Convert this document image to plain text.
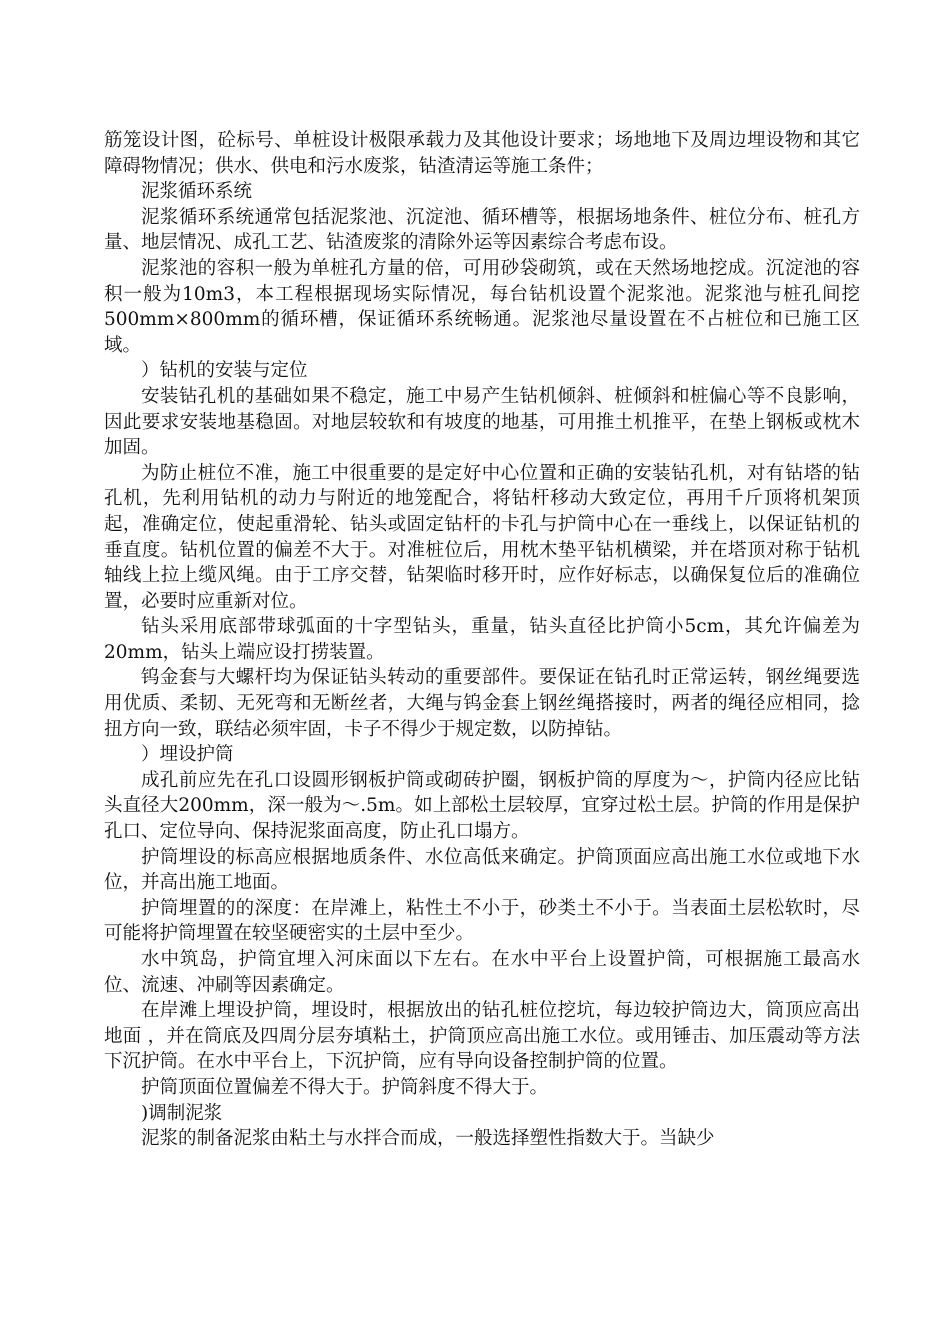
筋笼设计图，砼标号、单桩设计极限承载力及其他设计要求；场地地下及周边埋设物和其它障碍物情况；供水、供电和污水废浆，钻渣清运等施工条件；

泥浆循环系统

泥浆循环系统通常包括泥浆池、沉淀池、循环槽等，根据场地条件、桩位分布、桩孔方量、地层情况、成孔工艺、钻渣废浆的清除外运等因素综合考虑布设。

泥浆池的容积一般为单桩孔方量的倍，可用砂袋砌筑，或在天然场地挖成。沉淀池的容积一般为10m3，本工程根据现场实际情况，每台钻机设置个泥浆池。泥浆池与桩孔间挖500mm×800mm的循环槽，保证循环系统畅通。泥浆池尽量设置在不占桩位和已施工区域。

）钻机的安装与定位

安装钻孔机的基础如果不稳定，施工中易产生钻机倾斜、桩倾斜和桩偏心等不良影响，因此要求安装地基稳固。对地层较软和有坡度的地基，可用推土机推平，在垫上钢板或枕木加固。

为防止桩位不准，施工中很重要的是定好中心位置和正确的安装钻孔机，对有钻塔的钻孔机，先利用钻机的动力与附近的地笼配合，将钻杆移动大致定位，再用千斤顶将机架顶起，准确定位，使起重滑轮、钻头或固定钻杆的卡孔与护筒中心在一垂线上，以保证钻机的垂直度。钻机位置的偏差不大于。对准桩位后，用枕木垫平钻机横梁，并在塔顶对称于钻机轴线上拉上缆风绳。由于工序交替，钻架临时移开时，应作好标志，以确保复位后的准确位置，必要时应重新对位。

钻头采用底部带球弧面的十字型钻头，重量，钻头直径比护筒小5cm，其允许偏差为20mm，钻头上端应设打捞装置。

钨金套与大螺杆均为保证钻头转动的重要部件。要保证在钻孔时正常运转，钢丝绳要选用优质、柔韧、无死弯和无断丝者，大绳与钨金套上钢丝绳搭接时，两者的绳径应相同，捻扭方向一致，联结必须牢固，卡子不得少于规定数，以防掉钻。

）埋设护筒

成孔前应先在孔口设圆形钢板护筒或砌砖护圈，钢板护筒的厚度为～，护筒内径应比钻头直径大200mm，深一般为～.5m。如上部松土层较厚，宜穿过松土层。护筒的作用是保护孔口、定位导向、保持泥浆面高度，防止孔口塌方。

护筒埋设的标高应根据地质条件、水位高低来确定。护筒顶面应高出施工水位或地下水位，并高出施工地面。

护筒埋置的的深度：在岸滩上，粘性土不小于，砂类土不小于。当表面土层松软时，尽可能将护筒埋置在较坚硬密实的土层中至少。

水中筑岛，护筒宜埋入河床面以下左右。在水中平台上设置护筒，可根据施工最高水位、流速、冲刷等因素确定。

在岸滩上埋设护筒，埋设时，根据放出的钻孔桩位挖坑，每边较护筒边大，筒顶应高出地面 ，并在筒底及四周分层夯填粘土，护筒顶应高出施工水位。或用锤击、加压震动等方法下沉护筒。在水中平台上，下沉护筒，应有导向设备控制护筒的位置。

护筒顶面位置偏差不得大于。护筒斜度不得大于。

)调制泥浆

泥浆的制备泥浆由粘土与水拌合而成，一般选择塑性指数大于。当缺少
